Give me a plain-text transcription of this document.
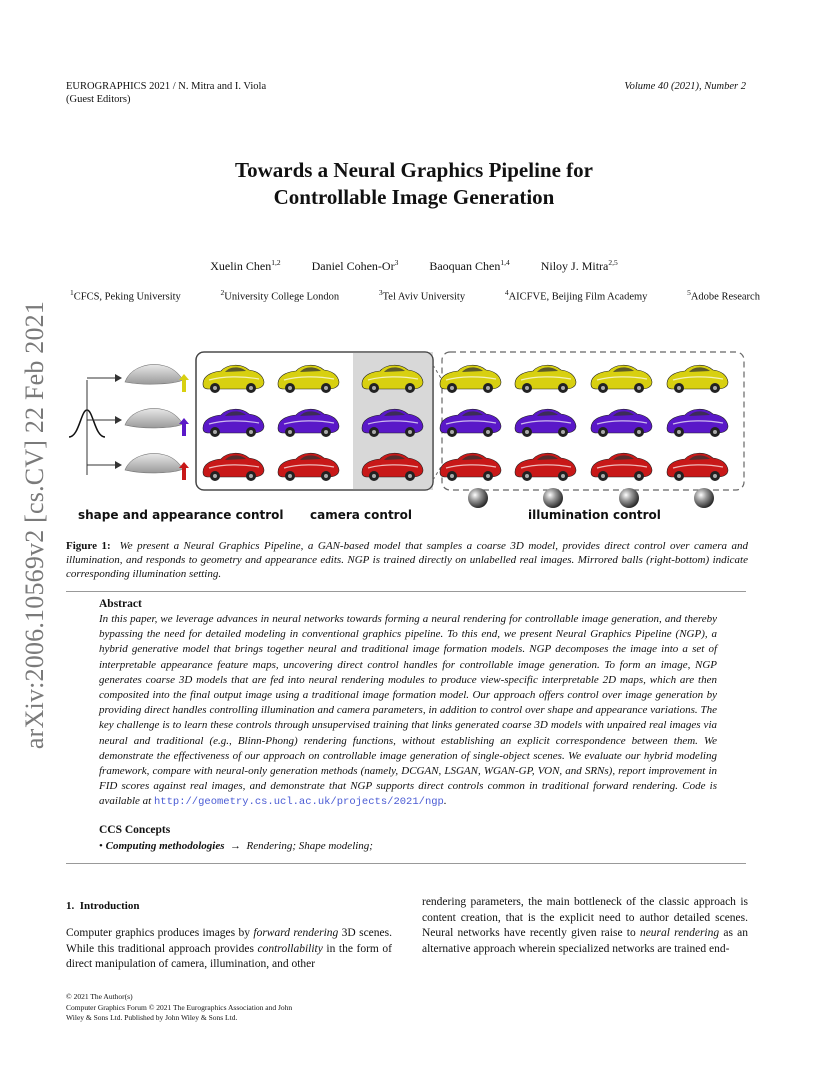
EUROGRAPHICS 2021 / N. Mitra and I. Viola
(Guest Editors)
Volume 40 (2021), Number 2
arXiv:2006.10569v2 [cs.CV] 22 Feb 2021
Towards a Neural Graphics Pipeline for
Controllable Image Generation
Xuelin Chen$^{1,2}$	Daniel Cohen-Or$^3$	Baoquan Chen$^{1,4}$	Niloy J. Mitra$^{2,5}$
$^1$CFCS, Peking University	$^2$University College London	$^3$Tel Aviv University	$^4$AICFVE, Beijing Film Academy	$^5$Adobe Research
shape and appearance control camera control	illumination control
Figure 1: We present a Neural Graphics Pipeline, a GAN-based model that samples a coarse 3D model, provides direct control over camera and illumination, and responds to geometry and appearance edits. NGP is trained directly on unlabelled real images. Mirrored balls (right-bottom) indicate corresponding illumination setting.
Abstract
In this paper, we leverage advances in neural networks towards forming a neural rendering for controllable image generation, and thereby bypassing the need for detailed modeling in conventional graphics pipeline. To this end, we present Neural Graphics Pipeline (NGP), a hybrid generative model that brings together neural and traditional image formation models. NGP decomposes the image into a set of interpretable appearance feature maps, uncovering direct control handles for controllable image generation. To form an image, NGP generates coarse 3D models that are fed into neural rendering modules to produce view-specific interpretable 2D maps, which are then composited into the final output image using a traditional image formation model. Our approach offers control over image generation by providing direct handles controlling illumination and camera parameters, in addition to control over shape and appearance variations. The key challenge is to learn these controls through unsupervised training that links generated coarse 3D models with unpaired real images via neural and traditional (e.g., Blinn-Phong) rendering functions, without establishing an explicit correspondence between them. We demonstrate the effectiveness of our approach on controllable image generation of single-object scenes. We evaluate our hybrid modeling framework, compare with neural-only generation methods (namely, DCGAN, LSGAN, WGAN-GP, VON, and SRNs), report improvement in FID scores against real images, and demonstrate that NGP supports direct controls common in traditional forward rendering. Code is available at http://geometry.cs.ucl.ac.uk/projects/2021/ngp.
CCS Concepts
• Computing methodologies → Rendering; Shape modeling;
1. Introduction
Computer graphics produces images by forward rendering 3D scenes. While this traditional approach provides controllability in the form of direct manipulation of camera, illumination, and other
rendering parameters, the main bottleneck of the classic approach is content creation, that is the explicit need to author detailed scenes. Neural networks have recently given raise to neural rendering as an alternative approach wherein specialized networks are trained end-
© 2021 The Author(s)
Computer Graphics Forum © 2021 The Eurographics Association and John
Wiley & Sons Ltd. Published by John Wiley & Sons Ltd.
